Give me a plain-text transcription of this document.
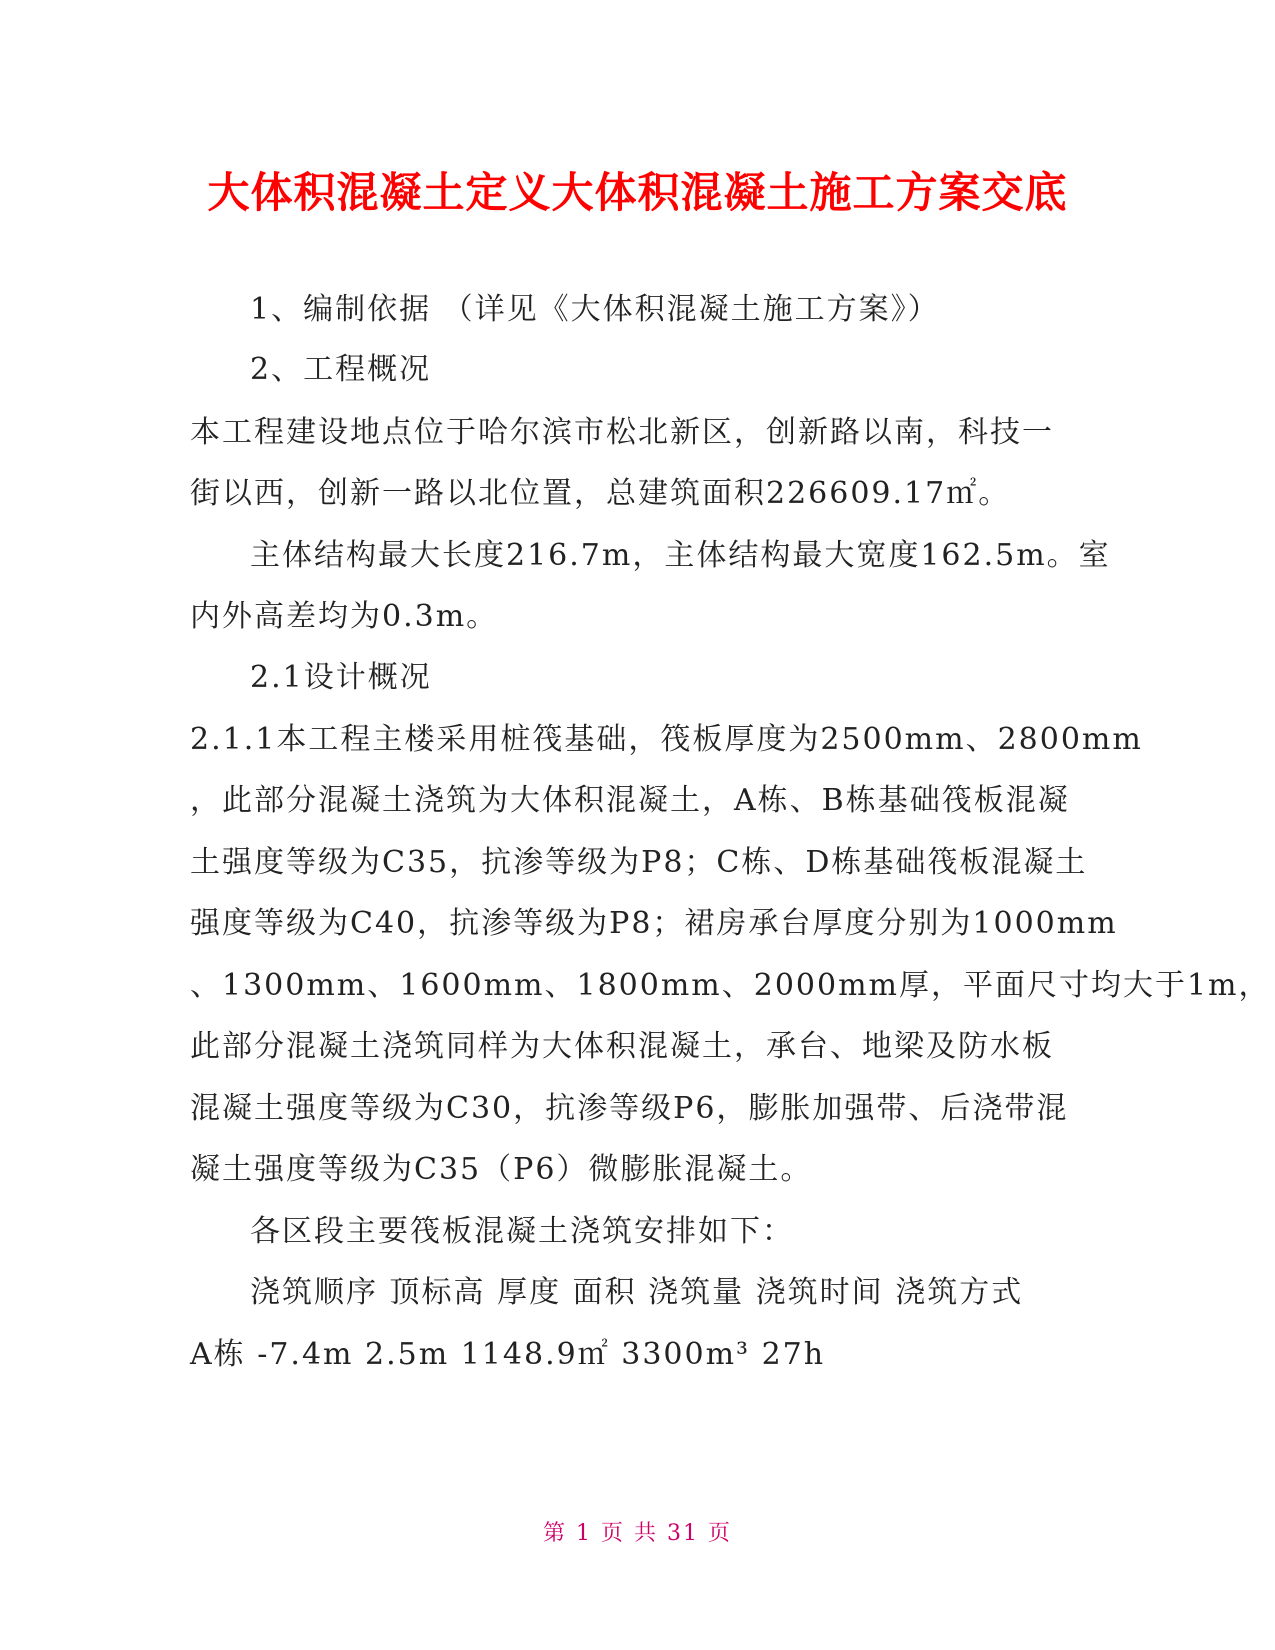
大体积混凝土定义大体积混凝土施工方案交底
1、编制依据 （详见《大体积混凝土施工方案》）
2、工程概况
本工程建设地点位于哈尔滨市松北新区，创新路以南，科技一
街以西，创新一路以北位置，总建筑面积226609.17㎡。
主体结构最大长度216.7m，主体结构最大宽度162.5m。室
内外高差均为0.3m。
2.1设计概况
2.1.1本工程主楼采用桩筏基础，筏板厚度为2500mm、2800mm
，此部分混凝土浇筑为大体积混凝土，A栋、B栋基础筏板混凝
土强度等级为C35，抗渗等级为P8；C栋、D栋基础筏板混凝土
强度等级为C40，抗渗等级为P8；裙房承台厚度分别为1000mm
、1300mm、1600mm、1800mm、2000mm厚，平面尺寸均大于1m，
此部分混凝土浇筑同样为大体积混凝土，承台、地梁及防水板
混凝土强度等级为C30，抗渗等级P6，膨胀加强带、后浇带混
凝土强度等级为C35（P6）微膨胀混凝土。
各区段主要筏板混凝土浇筑安排如下：
浇筑顺序 顶标高 厚度 面积 浇筑量 浇筑时间 浇筑方式
A栋 -7.4m 2.5m 1148.9㎡ 3300m³ 27h
第 1 页 共 31 页
